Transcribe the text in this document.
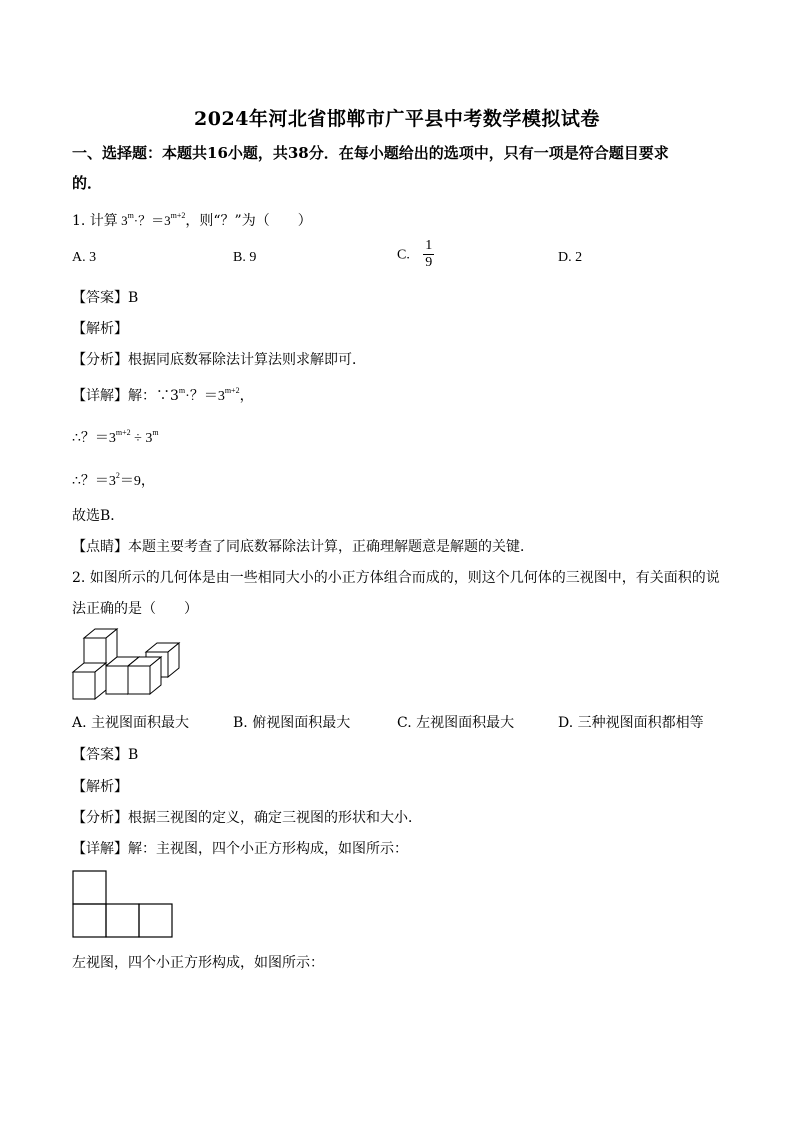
2024年河北省邯郸市广平县中考数学模拟试卷
一、选择题：本题共16小题，共38分．在每小题给出的选项中，只有一项是符合题目要求
的．
1. 计算 $3^m\cdot$？$=3^{m+2}$，则“？”为（　　）
A. 3	B. 9	C. $\frac{1}{9}$	D. 2
【答案】B
【解析】
【分析】根据同底数幂除法计算法则求解即可．
【详解】解：$\because 3^m\cdot$？$=3^{m+2}$，
∴？$=3^{m+2} \div 3^m$
∴？$=3^2=9$，
故选B．
【点睛】本题主要考查了同底数幂除法计算，正确理解题意是解题的关键．
2. 如图所示的几何体是由一些相同大小的小正方体组合而成的，则这个几何体的三视图中，有关面积的说
法正确的是（　　）
A. 主视图面积最大	B. 俯视图面积最大	C. 左视图面积最大	D. 三种视图面积都相等
【答案】B
【解析】
【分析】根据三视图的定义，确定三视图的形状和大小．
【详解】解：主视图，四个小正方形构成，如图所示：
左视图，四个小正方形构成，如图所示：
